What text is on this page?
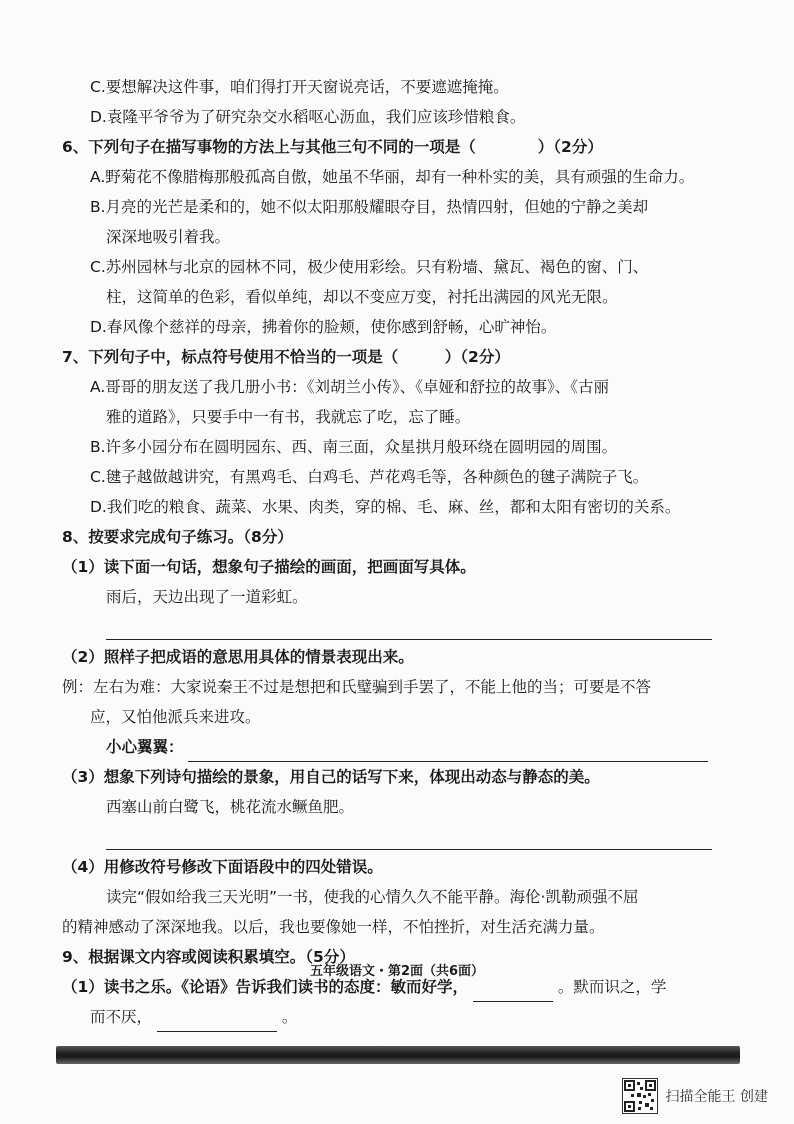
C.要想解决这件事，咱们得打开天窗说亮话，不要遮遮掩掩。
D.袁隆平爷爷为了研究杂交水稻呕心沥血，我们应该珍惜粮食。
6、下列句子在描写事物的方法上与其他三句不同的一项是（　　　　）（2分）
A.野菊花不像腊梅那般孤高自傲，她虽不华丽，却有一种朴实的美，具有顽强的生命力。
B.月亮的光芒是柔和的，她不似太阳那般耀眼夺目，热情四射，但她的宁静之美却
深深地吸引着我。
C.苏州园林与北京的园林不同，极少使用彩绘。只有粉墙、黛瓦、褐色的窗、门、
柱，这简单的色彩，看似单纯，却以不变应万变，衬托出满园的风光无限。
D.春风像个慈祥的母亲，拂着你的脸颊，使你感到舒畅，心旷神怡。
7、下列句子中，标点符号使用不恰当的一项是（　　　）（2分）
A.哥哥的朋友送了我几册小书：《刘胡兰小传》、《卓娅和舒拉的故事》、《古丽
雅的道路》，只要手中一有书，我就忘了吃，忘了睡。
B.许多小园分布在圆明园东、西、南三面，众星拱月般环绕在圆明园的周围。
C.毽子越做越讲究，有黑鸡毛、白鸡毛、芦花鸡毛等，各种颜色的毽子满院子飞。
D.我们吃的粮食、蔬菜、水果、肉类，穿的棉、毛、麻、丝，都和太阳有密切的关系。
8、按要求完成句子练习。（8分）
（1）读下面一句话，想象句子描绘的画面，把画面写具体。
雨后，天边出现了一道彩虹。
（2）照样子把成语的意思用具体的情景表现出来。
例：左右为难：大家说秦王不过是想把和氏璧骗到手罢了，不能上他的当；可要是不答
应，又怕他派兵来进攻。
小心翼翼：
（3）想象下列诗句描绘的景象，用自己的话写下来，体现出动态与静态的美。
西塞山前白鹭飞，桃花流水鳜鱼肥。
（4）用修改符号修改下面语段中的四处错误。
读完“假如给我三天光明”一书，使我的心情久久不能平静。海伦·凯勒顽强不屈
的精神感动了深深地我。以后，我也要像她一样，不怕挫折，对生活充满力量。
9、根据课文内容或阅读积累填空。（5分）
（1）读书之乐。《论语》告诉我们读书的态度：敏而好学，	。默而识之，学
而不厌，	。
五年级语文・第2面（共6面）
扫描全能王 创建
